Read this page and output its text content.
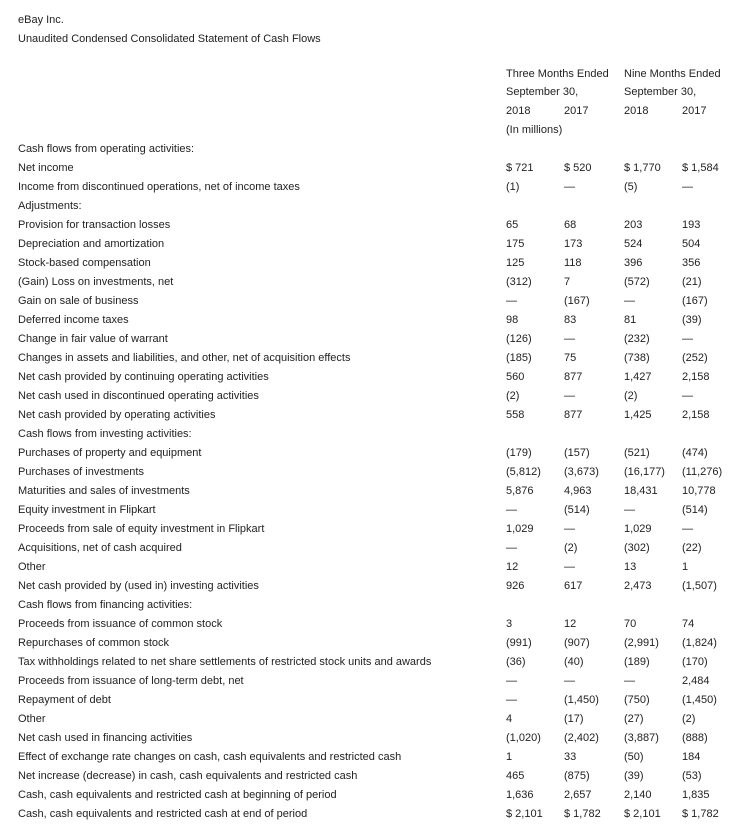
eBay Inc.
Unaudited Condensed Consolidated Statement of Cash Flows
Three Months Ended Nine Months Ended
September 30,	September 30,
2018	2017	2018	2017
(In millions)
Cash flows from operating activities:
Net income	$ 721	$ 520	$ 1,770 $ 1,584
Income from discontinued operations, net of income taxes	(1)	—	(5)	—
Adjustments:
Provision for transaction losses	65	68	203	193
Depreciation and amortization	175	173	524	504
Stock-based compensation	125	118	396	356
(Gain) Loss on investments, net	(312)	7	(572)	(21)
Gain on sale of business	—	(167)	—	(167)
Deferred income taxes	98	83	81	(39)
Change in fair value of warrant	(126)	—	(232)	—
Changes in assets and liabilities, and other, net of acquisition effects	(185)	75	(738)	(252)
Net cash provided by continuing operating activities	560	877	1,427	2,158
Net cash used in discontinued operating activities	(2)	—	(2)	—
Net cash provided by operating activities	558	877	1,425	2,158
Cash flows from investing activities:
Purchases of property and equipment	(179)	(157)	(521)	(474)
Purchases of investments	(5,812) (3,673) (16,177) (11,276)
Maturities and sales of investments	5,876	4,963	18,431 10,778
Equity investment in Flipkart	—	(514)	—	(514)
Proceeds from sale of equity investment in Flipkart	1,029	—	1,029	—
Acquisitions, net of cash acquired	—	(2)	(302)	(22)
Other	12	—	13	1
Net cash provided by (used in) investing activities	926	617	2,473	(1,507)
Cash flows from financing activities:
Proceeds from issuance of common stock	3	12	70	74
Repurchases of common stock	(991)	(907)	(2,991) (1,824)
Tax withholdings related to net share settlements of restricted stock units and awards	(36)	(40)	(189)	(170)
Proceeds from issuance of long-term debt, net	—	—	—	2,484
Repayment of debt	—	(1,450) (750)	(1,450)
Other	4	(17)	(27)	(2)
Net cash used in financing activities	(1,020) (2,402) (3,887) (888)
Effect of exchange rate changes on cash, cash equivalents and restricted cash	1	33	(50)	184
Net increase (decrease) in cash, cash equivalents and restricted cash	465	(875)	(39)	(53)
Cash, cash equivalents and restricted cash at beginning of period	1,636	2,657	2,140	1,835
Cash, cash equivalents and restricted cash at end of period	$ 2,101 $ 1,782 $ 2,101 $ 1,782
